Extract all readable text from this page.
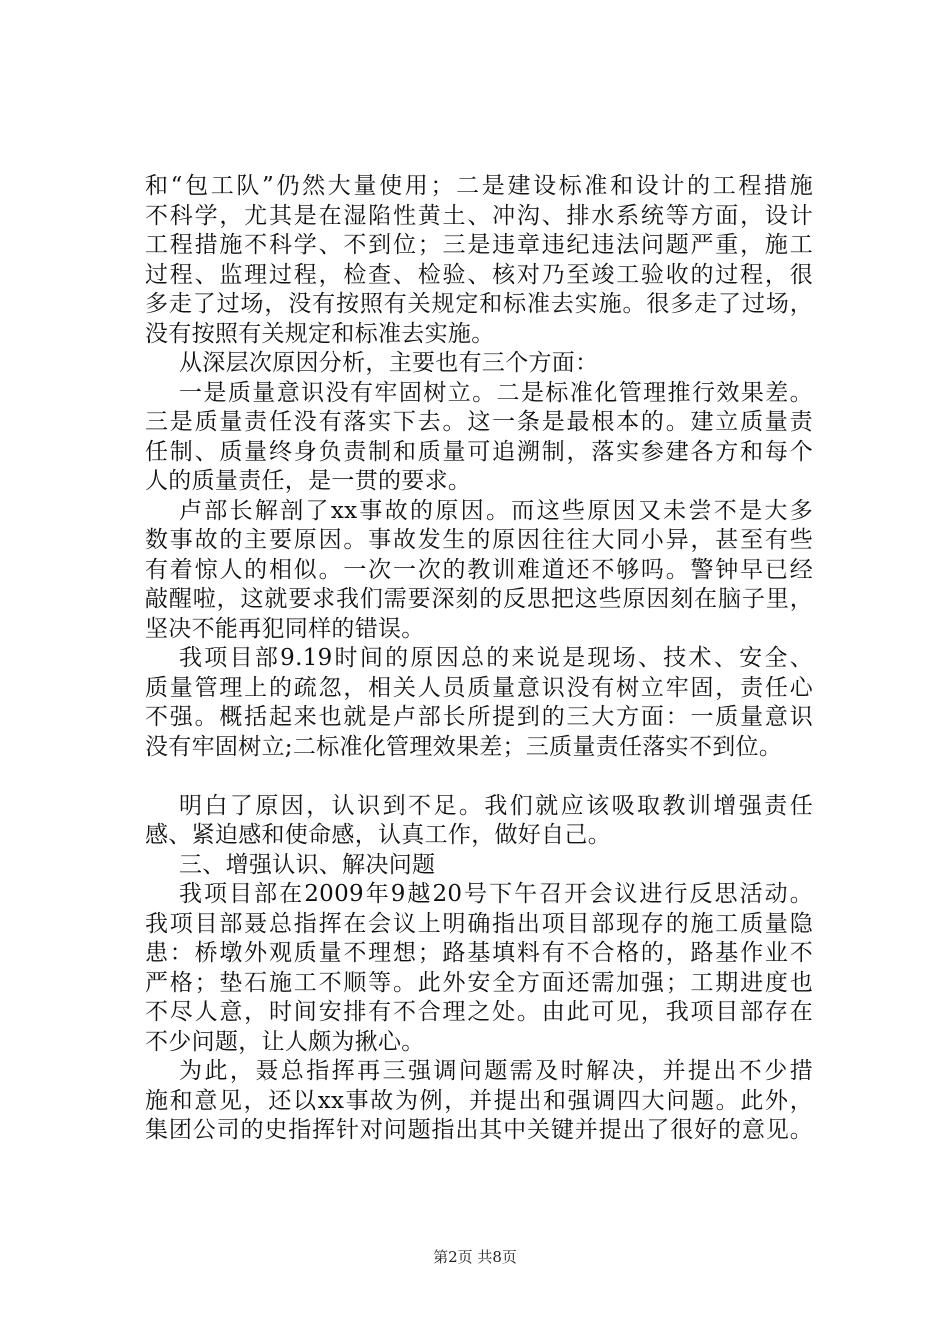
和“包工队”仍然大量使用；二是建设标准和设计的工程措施
不科学，尤其是在湿陷性黄土、冲沟、排水系统等方面，设计
工程措施不科学、不到位；三是违章违纪违法问题严重，施工
过程、监理过程，检查、检验、核对乃至竣工验收的过程，很
多走了过场，没有按照有关规定和标准去实施。很多走了过场，
没有按照有关规定和标准去实施。
从深层次原因分析，主要也有三个方面：
一是质量意识没有牢固树立。二是标准化管理推行效果差。
三是质量责任没有落实下去。这一条是最根本的。建立质量责
任制、质量终身负责制和质量可追溯制，落实参建各方和每个
人的质量责任，是一贯的要求。
卢部长解剖了xx事故的原因。而这些原因又未尝不是大多
数事故的主要原因。事故发生的原因往往大同小异，甚至有些
有着惊人的相似。一次一次的教训难道还不够吗。警钟早已经
敲醒啦，这就要求我们需要深刻的反思把这些原因刻在脑子里，
坚决不能再犯同样的错误。
我项目部9.19时间的原因总的来说是现场、技术、安全、
质量管理上的疏忽，相关人员质量意识没有树立牢固，责任心
不强。概括起来也就是卢部长所提到的三大方面：一质量意识
没有牢固树立;二标准化管理效果差；三质量责任落实不到位。
明白了原因，认识到不足。我们就应该吸取教训增强责任
感、紧迫感和使命感，认真工作，做好自己。
三、增强认识、解决问题
我项目部在2009年9越20号下午召开会议进行反思活动。
我项目部聂总指挥在会议上明确指出项目部现存的施工质量隐
患：桥墩外观质量不理想；路基填料有不合格的，路基作业不
严格；垫石施工不顺等。此外安全方面还需加强；工期进度也
不尽人意，时间安排有不合理之处。由此可见，我项目部存在
不少问题，让人颇为揪心。
为此，聂总指挥再三强调问题需及时解决，并提出不少措
施和意见，还以xx事故为例，并提出和强调四大问题。此外，
集团公司的史指挥针对问题指出其中关键并提出了很好的意见。
第2页 共8页
